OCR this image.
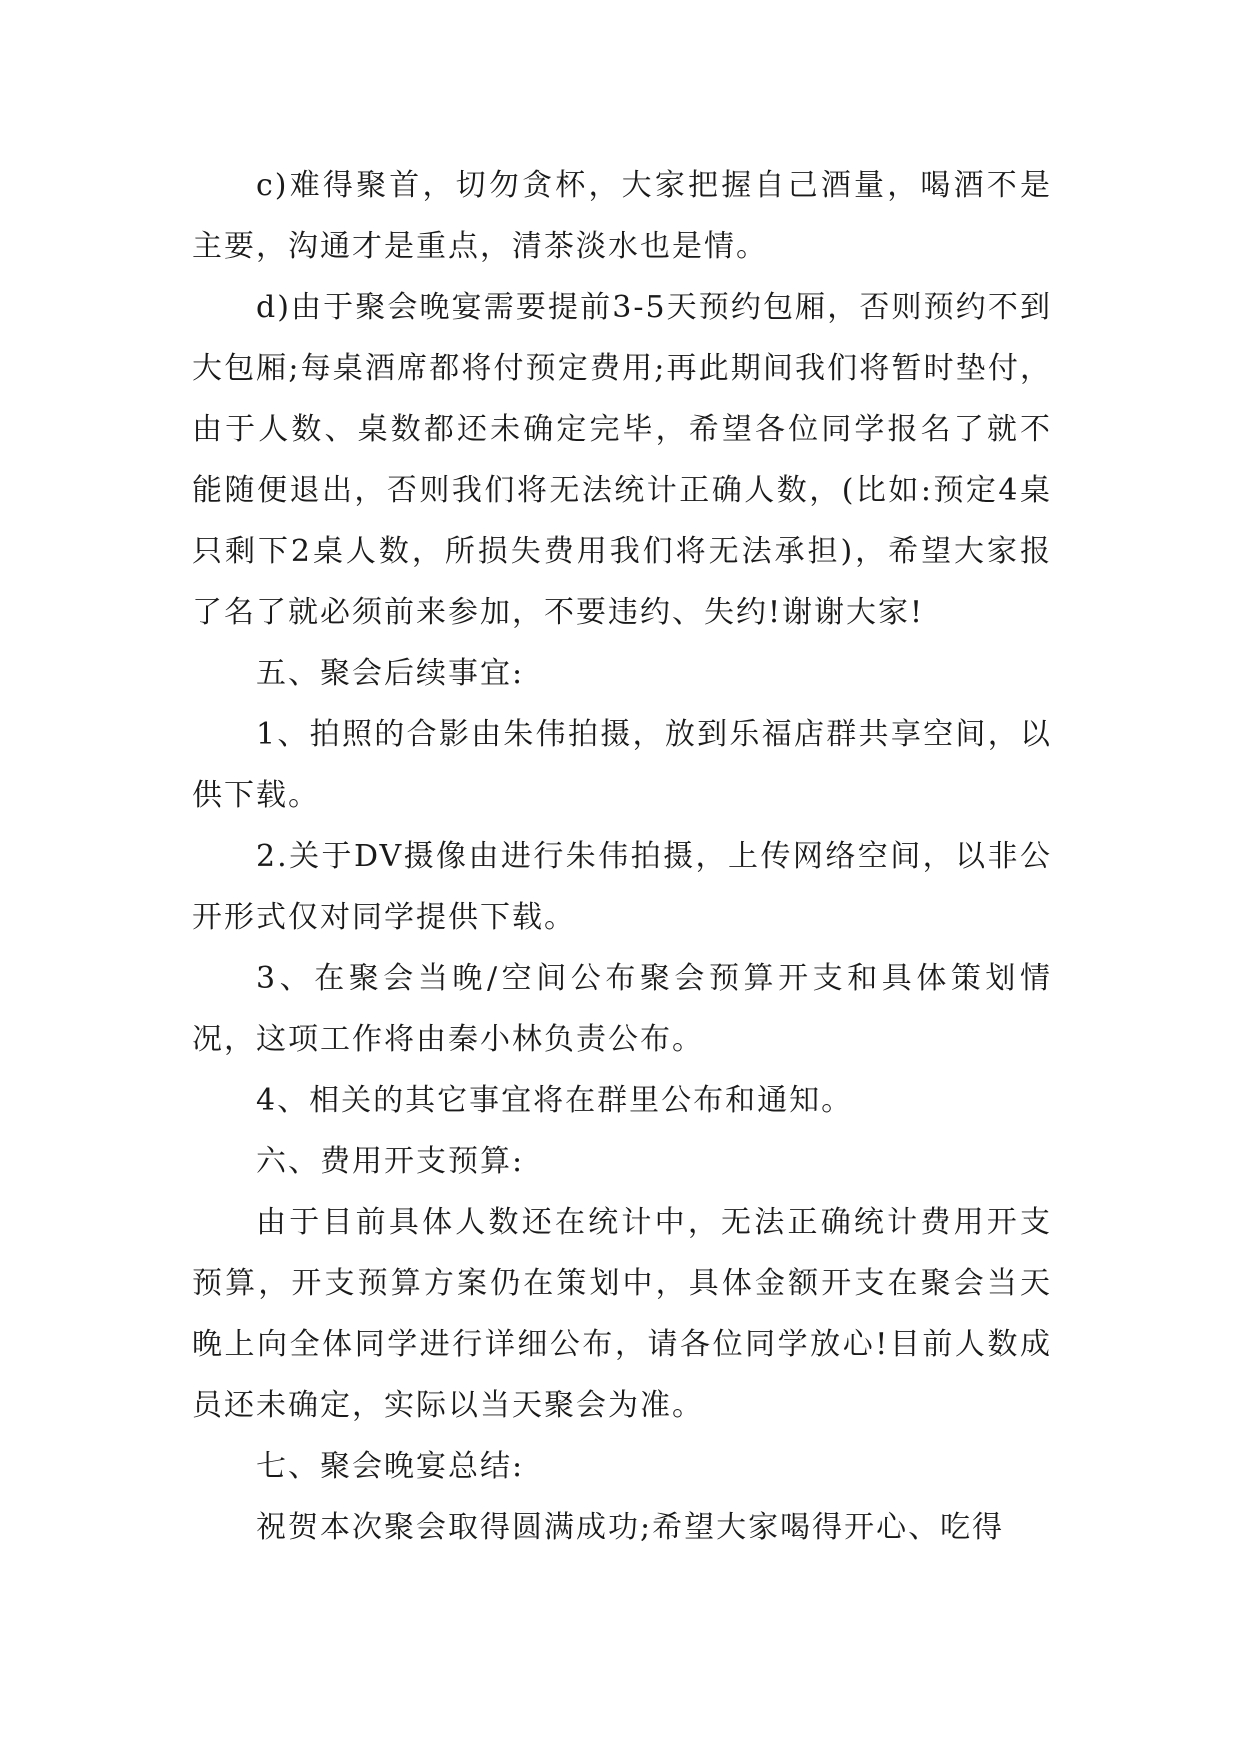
c)难得聚首，切勿贪杯，大家把握自己酒量，喝酒不是主要，沟通才是重点，清茶淡水也是情。

d)由于聚会晚宴需要提前3-5天预约包厢，否则预约不到大包厢;每桌酒席都将付预定费用;再此期间我们将暂时垫付，由于人数、桌数都还未确定完毕，希望各位同学报名了就不能随便退出，否则我们将无法统计正确人数，(比如:预定4桌只剩下2桌人数，所损失费用我们将无法承担)，希望大家报了名了就必须前来参加，不要违约、失约!谢谢大家!

五、聚会后续事宜:

1、拍照的合影由朱伟拍摄，放到乐福店群共享空间，以供下载。

2.关于DV摄像由进行朱伟拍摄，上传网络空间，以非公开形式仅对同学提供下载。

3、在聚会当晚/空间公布聚会预算开支和具体策划情况，这项工作将由秦小林负责公布。

4、相关的其它事宜将在群里公布和通知。

六、费用开支预算:

由于目前具体人数还在统计中，无法正确统计费用开支预算，开支预算方案仍在策划中，具体金额开支在聚会当天晚上向全体同学进行详细公布，请各位同学放心!目前人数成员还未确定，实际以当天聚会为准。

七、聚会晚宴总结:

祝贺本次聚会取得圆满成功;希望大家喝得开心、吃得
